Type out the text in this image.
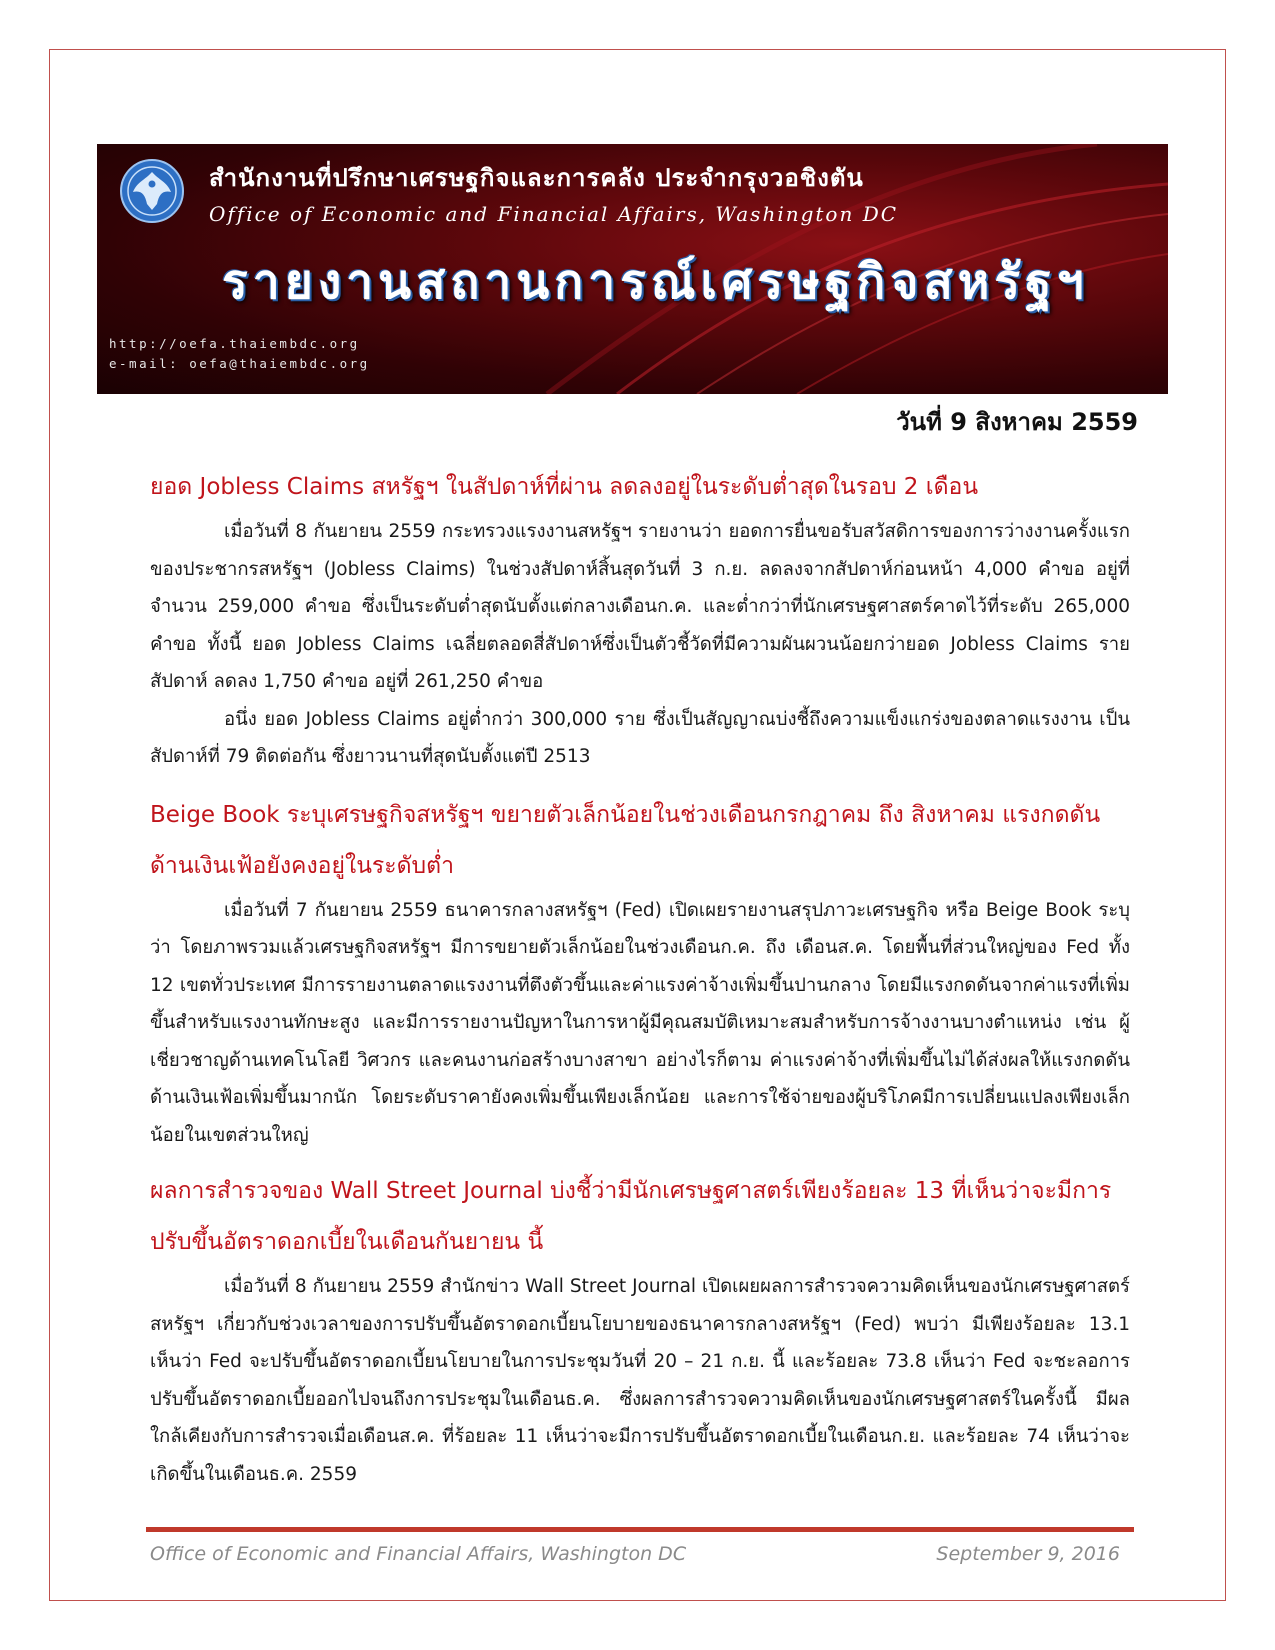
สำนักงานที่ปรึกษาเศรษฐกิจและการคลัง ประจำกรุงวอชิงตัน
Office of Economic and Financial Affairs, Washington DC
รายงานสถานการณ์เศรษฐกิจสหรัฐฯ
http://oefa.thaiembdc.org
e-mail: oefa@thaiembdc.org
วันที่ 9 สิงหาคม 2559
ยอด Jobless Claims สหรัฐฯ ในสัปดาห์ที่ผ่าน ลดลงอยู่ในระดับต่ำสุดในรอบ 2 เดือน

เมื่อวันที่ 8 กันยายน 2559 กระทรวงแรงงานสหรัฐฯ รายงานว่า ยอดการยื่นขอรับสวัสดิการของการว่างงานครั้งแรกของประชากรสหรัฐฯ (Jobless Claims) ในช่วงสัปดาห์สิ้นสุดวันที่ 3 ก.ย. ลดลงจากสัปดาห์ก่อนหน้า 4,000 คำขอ อยู่ที่จำนวน 259,000 คำขอ ซึ่งเป็นระดับต่ำสุดนับตั้งแต่กลางเดือนก.ค. และต่ำกว่าที่นักเศรษฐศาสตร์คาดไว้ที่ระดับ 265,000 คำขอ ทั้งนี้ ยอด Jobless Claims เฉลี่ยตลอดสี่สัปดาห์ซึ่งเป็นตัวชี้วัดที่มีความผันผวนน้อยกว่ายอด Jobless Claims รายสัปดาห์ ลดลง 1,750 คำขอ อยู่ที่ 261,250 คำขอ

อนึ่ง ยอด Jobless Claims อยู่ต่ำกว่า 300,000 ราย ซึ่งเป็นสัญญาณบ่งชี้ถึงความแข็งแกร่งของตลาดแรงงาน เป็นสัปดาห์ที่ 79 ติดต่อกัน ซึ่งยาวนานที่สุดนับตั้งแต่ปี 2513

Beige Book ระบุเศรษฐกิจสหรัฐฯ ขยายตัวเล็กน้อยในช่วงเดือนกรกฎาคม ถึง สิงหาคม แรงกดดันด้านเงินเฟ้อยังคงอยู่ในระดับต่ำ

เมื่อวันที่ 7 กันยายน 2559 ธนาคารกลางสหรัฐฯ (Fed) เปิดเผยรายงานสรุปภาวะเศรษฐกิจ หรือ Beige Book ระบุว่า โดยภาพรวมแล้วเศรษฐกิจสหรัฐฯ มีการขยายตัวเล็กน้อยในช่วงเดือนก.ค. ถึง เดือนส.ค. โดยพื้นที่ส่วนใหญ่ของ Fed ทั้ง 12 เขตทั่วประเทศ มีการรายงานตลาดแรงงานที่ตึงตัวขึ้นและค่าแรงค่าจ้างเพิ่มขึ้นปานกลาง โดยมีแรงกดดันจากค่าแรงที่เพิ่มขึ้นสำหรับแรงงานทักษะสูง และมีการรายงานปัญหาในการหาผู้มีคุณสมบัติเหมาะสมสำหรับการจ้างงานบางตำแหน่ง เช่น ผู้เชี่ยวชาญด้านเทคโนโลยี วิศวกร และคนงานก่อสร้างบางสาขา อย่างไรก็ตาม ค่าแรงค่าจ้างที่เพิ่มขึ้นไม่ได้ส่งผลให้แรงกดดันด้านเงินเฟ้อเพิ่มขึ้นมากนัก โดยระดับราคายังคงเพิ่มขึ้นเพียงเล็กน้อย และการใช้จ่ายของผู้บริโภคมีการเปลี่ยนแปลงเพียงเล็กน้อยในเขตส่วนใหญ่

ผลการสำรวจของ Wall Street Journal บ่งชี้ว่ามีนักเศรษฐศาสตร์เพียงร้อยละ 13 ที่เห็นว่าจะมีการปรับขึ้นอัตราดอกเบี้ยในเดือนกันยายน นี้

เมื่อวันที่ 8 กันยายน 2559 สำนักข่าว Wall Street Journal เปิดเผยผลการสำรวจความคิดเห็นของนักเศรษฐศาสตร์สหรัฐฯ เกี่ยวกับช่วงเวลาของการปรับขึ้นอัตราดอกเบี้ยนโยบายของธนาคารกลางสหรัฐฯ (Fed) พบว่า มีเพียงร้อยละ 13.1 เห็นว่า Fed จะปรับขึ้นอัตราดอกเบี้ยนโยบายในการประชุมวันที่ 20 – 21 ก.ย. นี้ และร้อยละ 73.8 เห็นว่า Fed จะชะลอการปรับขึ้นอัตราดอกเบี้ยออกไปจนถึงการประชุมในเดือนธ.ค. ซึ่งผลการสำรวจความคิดเห็นของนักเศรษฐศาสตร์ในครั้งนี้ มีผลใกล้เคียงกับการสำรวจเมื่อเดือนส.ค. ที่ร้อยละ 11 เห็นว่าจะมีการปรับขึ้นอัตราดอกเบี้ยในเดือนก.ย. และร้อยละ 74 เห็นว่าจะเกิดขึ้นในเดือนธ.ค. 2559

Office of Economic and Financial Affairs, Washington DC	September 9, 2016
